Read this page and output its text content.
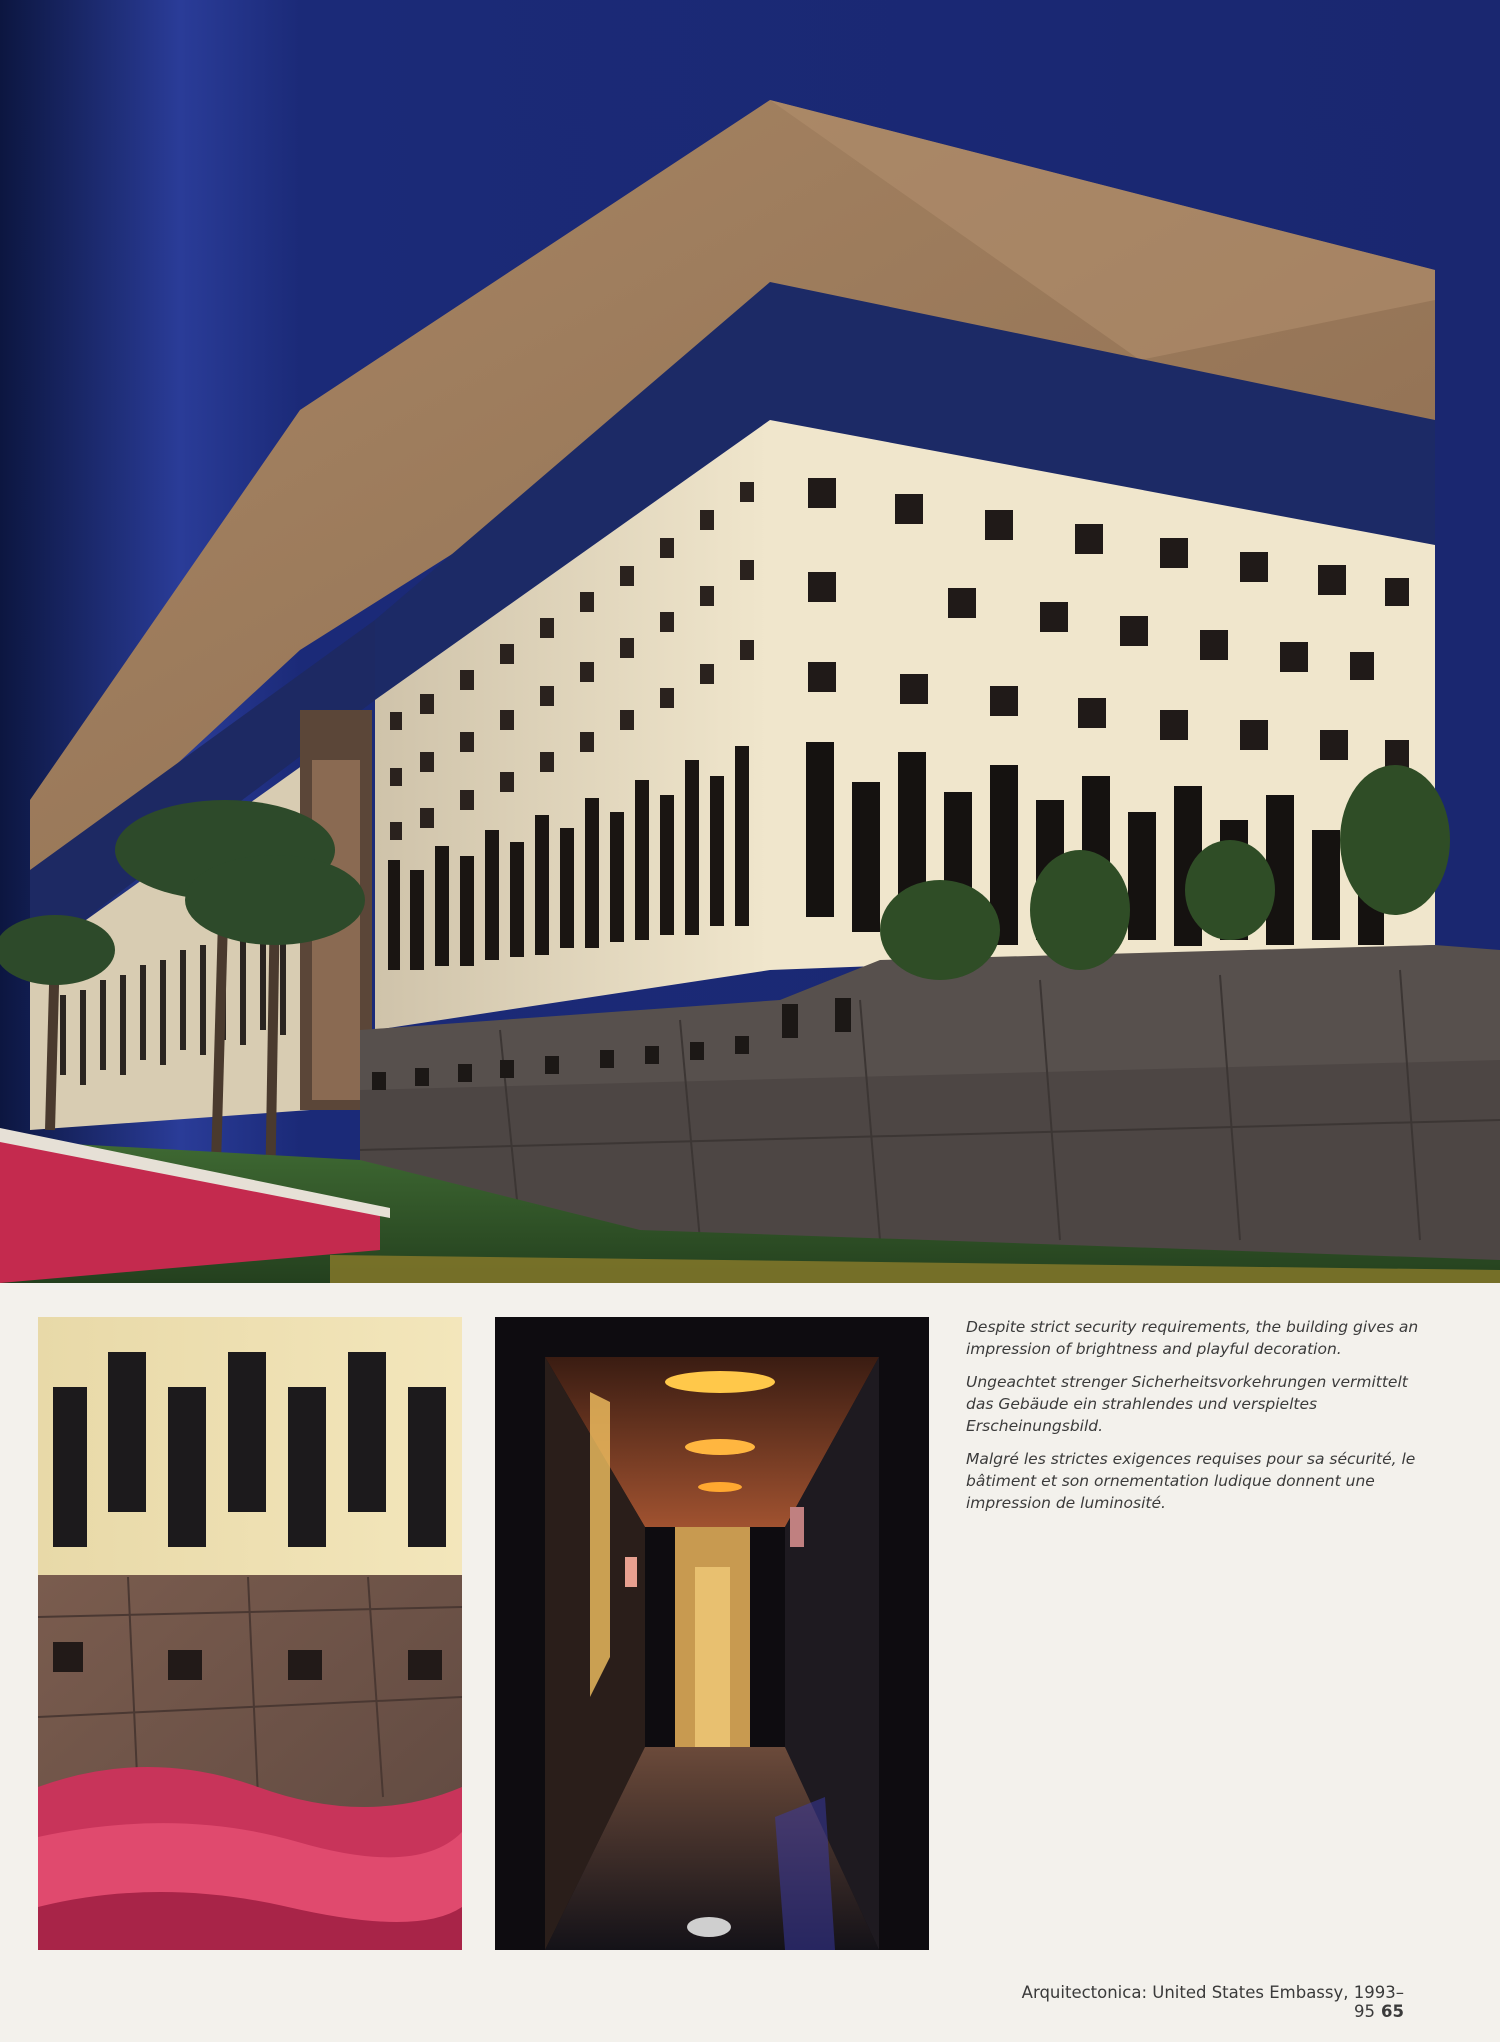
Despite strict security requirements, the building gives an impression of brightness and playful decoration.

Ungeachtet strenger Sicherheitsvorkehrungen vermittelt das Gebäude ein strahlendes und verspieltes Erscheinungsbild.

Malgré les strictes exigences requises pour sa sécurité, le bâtiment et son ornementation ludique donnent une impression de luminosité.

Arquitectonica: United States Embassy, 1993–95 65
